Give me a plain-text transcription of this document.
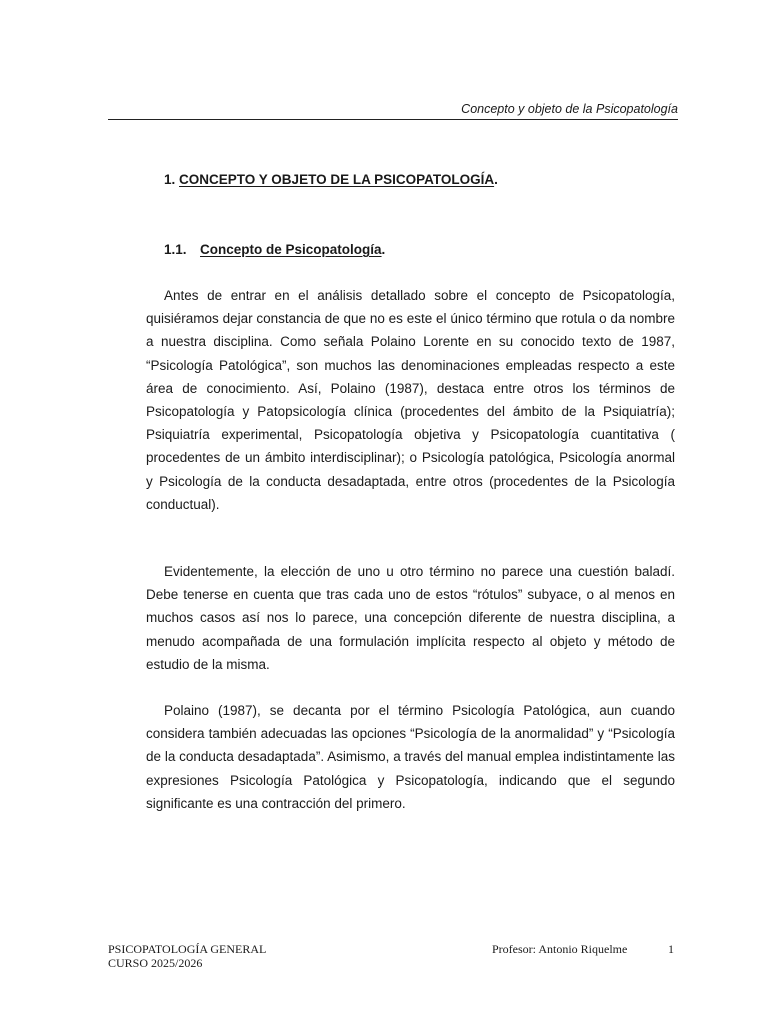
Concepto y objeto de la Psicopatología
1. CONCEPTO Y OBJETO DE LA PSICOPATOLOGÍA.
1.1. Concepto de Psicopatología.

Antes de entrar en el análisis detallado sobre el concepto de Psicopatología, quisiéramos dejar constancia de que no es este el único término que rotula o da nombre a nuestra disciplina. Como señala Polaino Lorente en su conocido texto de 1987, “Psicología Patológica”, son muchos las denominaciones empleadas respecto a este área de conocimiento. Así, Polaino (1987), destaca entre otros los términos de Psicopatología y Patopsicología clínica (procedentes del ámbito de la Psiquiatría); Psiquiatría experimental, Psicopatología objetiva y Psicopatología cuantitativa ( procedentes de un ámbito interdisciplinar); o Psicología patológica, Psicología anormal y Psicología de la conducta desadaptada, entre otros (procedentes de la Psicología conductual).

Evidentemente, la elección de uno u otro término no parece una cuestión baladí. Debe tenerse en cuenta que tras cada uno de estos “rótulos” subyace, o al menos en muchos casos así nos lo parece, una concepción diferente de nuestra disciplina, a menudo acompañada de una formulación implícita respecto al objeto y método de estudio de la misma.

Polaino (1987), se decanta por el término Psicología Patológica, aun cuando considera también adecuadas las opciones “Psicología de la anormalidad” y “Psicología de la conducta desadaptada”. Asimismo, a través del manual emplea indistintamente las expresiones Psicología Patológica y Psicopatología, indicando que el segundo significante es una contracción del primero.

PSICOPATOLOGÍA GENERAL
CURSO 2025/2026
Profesor: Antonio Riquelme	1
